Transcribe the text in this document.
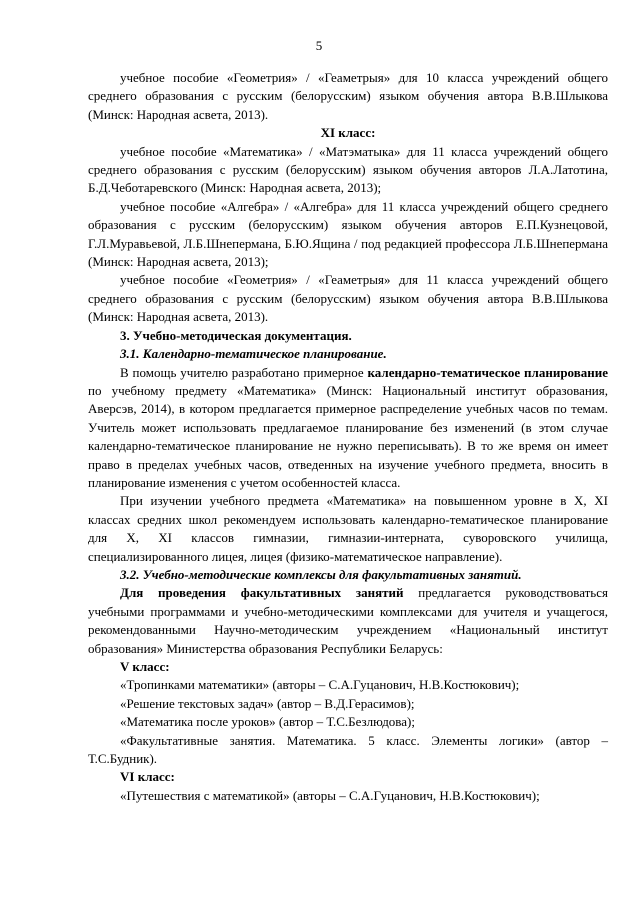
5

учебное пособие «Геометрия» / «Геаметрыя» для 10 класса учреждений общего среднего образования с русским (белорусским) языком обучения автора В.В.Шлыкова (Минск: Народная асвета, 2013).

XI класс:

учебное пособие «Математика» / «Матэматыка» для 11 класса учреждений общего среднего образования с русским (белорусским) языком обучения авторов Л.А.Латотина, Б.Д.Чеботаревского (Минск: Народная асвета, 2013);

учебное пособие «Алгебра» / «Алгебра» для 11 класса учреждений общего среднего образования с русским (белорусским) языком обучения авторов Е.П.Кузнецовой, Г.Л.Муравьевой, Л.Б.Шнепермана, Б.Ю.Ящина / под редакцией профессора Л.Б.Шнепермана (Минск: Народная асвета, 2013);

учебное пособие «Геометрия» / «Геаметрыя» для 11 класса учреждений общего среднего образования с русским (белорусским) языком обучения автора В.В.Шлыкова (Минск: Народная асвета, 2013).

3. Учебно-методическая документация.

3.1. Календарно-тематическое планирование.

В помощь учителю разработано примерное календарно-тематическое планирование по учебному предмету «Математика» (Минск: Национальный институт образования, Аверсэв, 2014), в котором предлагается примерное распределение учебных часов по темам. Учитель может использовать предлагаемое планирование без изменений (в этом случае календарно-тематическое планирование не нужно переписывать). В то же время он имеет право в пределах учебных часов, отведенных на изучение учебного предмета, вносить в планирование изменения с учетом особенностей класса.

При изучении учебного предмета «Математика» на повышенном уровне в X, XI классах средних школ рекомендуем использовать календарно-тематическое планирование для X, XI классов гимназии, гимназии-интерната, суворовского училища, специализированного лицея, лицея (физико-математическое направление).

3.2. Учебно-методические комплексы для факультативных занятий.

Для проведения факультативных занятий предлагается руководствоваться учебными программами и учебно-методическими комплексами для учителя и учащегося, рекомендованными Научно-методическим учреждением «Национальный институт образования» Министерства образования Республики Беларусь:

V класс:

«Тропинками математики» (авторы – С.А.Гуцанович, Н.В.Костюкович);

«Решение текстовых задач» (автор – В.Д.Герасимов);

«Математика после уроков» (автор – Т.С.Безлюдова);

«Факультативные занятия. Математика. 5 класс. Элементы логики» (автор – Т.С.Будник).

VI класс:

«Путешествия с математикой» (авторы – С.А.Гуцанович, Н.В.Костюкович);
